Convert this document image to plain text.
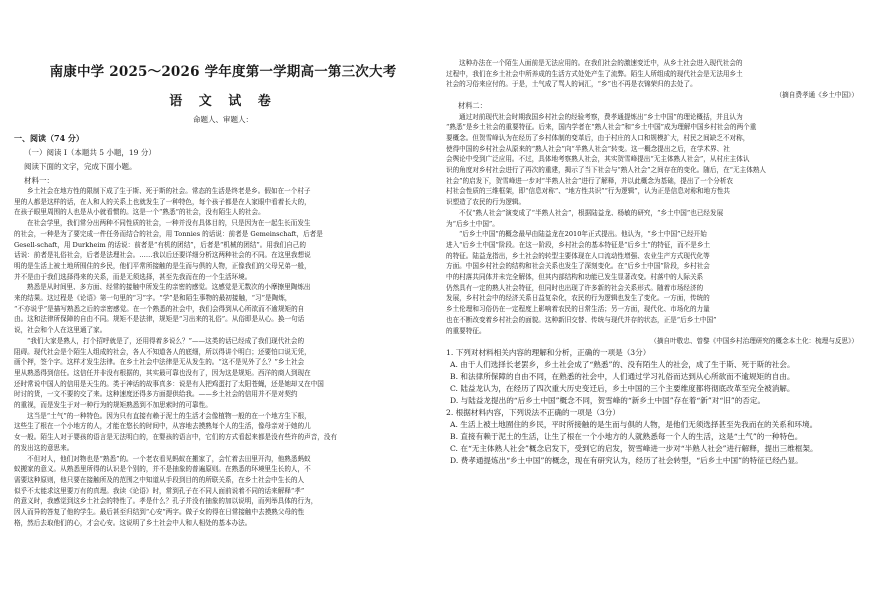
南康中学 2025～2026 学年度第一学期高一第三次大考
语 文 试 卷
命题人、审题人：
一、阅读（74 分）
（一）阅读 Ⅰ（本题共 5 小题，19 分）
阅读下面的文字，完成下面小题。
材料一：
乡土社会在地方性的限制下成了生于斯、死于斯的社会。常态的生活是终老是乡。假如在一个村子
里的人都是这样的话，在人和人的关系上也就发生了一种特色，每个孩子都是在人家眼中看着长大的，
在孩子眼里周围的人也是从小就看惯的。这是一个“熟悉”的社会，没有陌生人的社会。
在社会学里，我们常分出两种不同性质的社会，一种并没有具体目的，只是因为在一起生长而发生
的社会，一种是为了要完成一件任务而结合的社会，用 Tonnies 的话说：前者是 Gemeinschaft，后者是
Gesell-schaft，用 Durkheim 的话说：前者是“有机的团结”，后者是“机械的团结”。用我们自己的
话说：前者是礼俗社会，后者是法理社会。……我以后还要详细分析这两种社会的不同。在这里我想说
明的是生活上被土地所囿住的乡民，他们平常所接触的是生而与俱的人物，正像我们的父母兄弟一般，
并不是由于我们选择得来的关系，而是无须选择，甚至先我而在的一个生活环境。
熟悉是从时间里、多方面、经常的接触中所发生的亲密的感觉。这感觉是无数次的小摩擦里陶炼出
来的结果。这过程是《论语》第一句里的“习”字。“学”是和陌生事物的最初接触，“习”是陶炼，
“不亦说乎”是描写熟悉之后的亲密感觉。在一个熟悉的社会中，我们会得到从心所欲而不逾规矩的自
由。这和法律所保障的自由不同。规矩不是法律，规矩是“习出来的礼俗”。从俗即是从心。换一句话
说，社会和个人在这里通了家。
“我们大家是熟人，打个招呼就是了，还用得着多说么？”——这类的话已经成了我们现代社会的
阻碍。现代社会是个陌生人组成的社会，各人不知道各人的底细，所以得讲个明白；还要怕口说无凭，
画个押，签个字。这样才发生法律。在乡土社会中法律是无从发生的。“这不是见外了么？”乡土社会
里从熟悉得到信任。这信任并非没有根据的，其实最可靠也没有了，因为这是规矩。西洋的商人到现在
还时常说中国人的信用是天生的。类于神话的故事真多：说是有人把鸡蛋打了太阳苍蝇，还是她却又在中国
时讨的货，一文不要的交了来。这种速度还得多方面提供给我。——乡土社会的信用并不是对契约
的重视，而是发生于对一种行为的规矩熟悉到不加思索时的可靠性。
这当是“土气”的一种特色。因为只有直接有赖于泥土的生活才会像植物一般的在一个地方生下根，
这些生了根在一个小地方的人，才能在悠长的时间中，从容地去摸熟每个人的生活，像母亲对于她的儿
女一般。陌生人对于婴孩的语言是无法明白的，在婴孩的语言中，它们的方式看起来都是没有些许的声音，没有
的发出这的意思来。
不但对人，他们对物也是“熟悉”的。一个老农看见蚂蚁在搬家了，会忙着去田里开沟，他熟悉蚂蚁
蚁搬家的意义。从熟悉里所得的认识是个别的，并不是抽象的普遍原则。在熟悉的环境里生长的人，不
需要这种原则，他只要在接触所及的范围之中知道从手段到目的的所联关系，在乡土社会中生长的人
似乎不太能求这里要万有的真理。我读《论语》时，常到孔子在不同人面前说着不同的话来解释“孝”
的意义时，我感觉到这乡土社会的特性了。孝是什么？孔子并没有抽象的加以说明，而列举具体的行为，
因人而异的答复了他的学生。最后甚至归结到“心安”两字。做子女的得在日常接触中去摸熟父母的性
格，然后去取他们的心，才会心安。这说明了乡土社会中人和人相处的基本办法。
这种办法在一个陌生人面前是无法应用的。在我们社会的激速变迁中，从乡土社会进入现代社会的
过程中，我们在乡土社会中所养成的生活方式处处产生了流弊。陌生人所组成的现代社会是无法用乡土
社会的习俗来应付的。于是，土气成了骂人的词汇，“乡”也不再是衣锦荣归的去处了。
（摘自费孝通《乡土中国》）
材料二：
通过对前现代社会时期我国乡村社会的经验考察，费孝通提炼出“乡土中国”的理论概括，并且认为
“熟悉”是乡土社会的重要特征。后来，国内学者在“熟人社会”和“乡土中国”成为理解中国乡村社会的两个重
要概念。但贺雪峰认为在经历了乡村体制的变革后，由于村庄的人口和规模扩大，村民之间缺乏不对称，
使得中国的乡村社会从原来的“熟人社会”向“半熟人社会”转变。这一概念提出之后，在学术界、社
会舆论中受到广泛应用。不过，具体地考察熟人社会，其实贺雪峰提出“无主体熟人社会”，从村庄主体认
识的角度对乡村社会进行了再次的重建，揭示了当下社会与“熟人社会”之间存在的变化。随后，在“无主体熟人
社会”的启发下，贺雪峰进一步对“半熟人社会”进行了解释，并以此概念为基础，提出了一个分析农
村社会性质的三维框架，即“信息对称”、“地方性共识”“行为逻辑”，认为正是信息对称和地方性共
识塑造了农民的行为逻辑。
不仅“熟人社会”演变成了“半熟人社会”，根据陆益龙、杨敏的研究，“乡土中国”也已经发展
为“后乡土中国”。
“后乡土中国”的概念最早由陆益龙在2010年正式提出。他认为，“乡土中国”已经开始
进入“后乡土中国”阶段。在这一阶段，乡村社会的基本特征是“后乡土”的特征，而不是乡土
的特征。陆益龙指出，乡土社会的转型主要体现在人口流动性增强、农业生产方式现代化等
方面。中国乡村社会的结构和社会关系也发生了深刻变化。在“后乡土中国”阶段，乡村社会
中的村落共同体并未完全解体，但其内部结构和功能已发生显著改变。村落中的人际关系
仍然具有一定的熟人社会特征，但同时也出现了许多新的社会关系形式。随着市场经济的
发展，乡村社会中的经济关系日益复杂化，农民的行为逻辑也发生了变化。一方面，传统的
乡土伦理和习俗仍在一定程度上影响着农民的日常生活；另一方面，现代化、市场化的力量
也在不断改变着乡村社会的面貌。这种新旧交替、传统与现代并存的状态，正是“后乡土中国”
的重要特征。
（摘自叶敬忠、曾黎《中国乡村治理研究的概念本土化：梳理与反思》）
1. 下列对材料相关内容的理解和分析，正确的一项是（3分）
A. 由于人们选择长老罢乡，乡土社会成了“熟悉”的、没有陌生人的社会，成了生于斯、死于斯的社会。
B. 和法律所保障的自由不同，在熟悉的社会中，人们通过学习礼俗而达到从心所欲而不逾规矩的自由。
C. 陆益龙认为，在经历了四次重大历史变迁后，乡土中国的三个主要维度都将彻底改革至完全被消解。
D. 与陆益龙提出的“后乡土中国”概念不同，贺雪峰的“新乡土中国”存在着“新”对“旧”的否定。
2. 根据材料内容，下列说法不正确的一项是（3分）
A. 生活上被土地囿住的乡民，平时所接触的是生而与俱的人物，是他们无须选择甚至先我而在的关系和环境。
B. 直接有赖于泥土的生活，让生了根在一个小地方的人就熟悉每一个人的生活，这是“土气”的一种特色。
C. 在“无主体熟人社会”概念启发下，受到它的启发，贺雪峰进一步对“半熟人社会”进行解释，提出三维框架。
D. 费孝通提炼出“乡土中国”的概念，现在有研究认为，经历了社会转型，“后乡土中国”的特征已经凸显。
